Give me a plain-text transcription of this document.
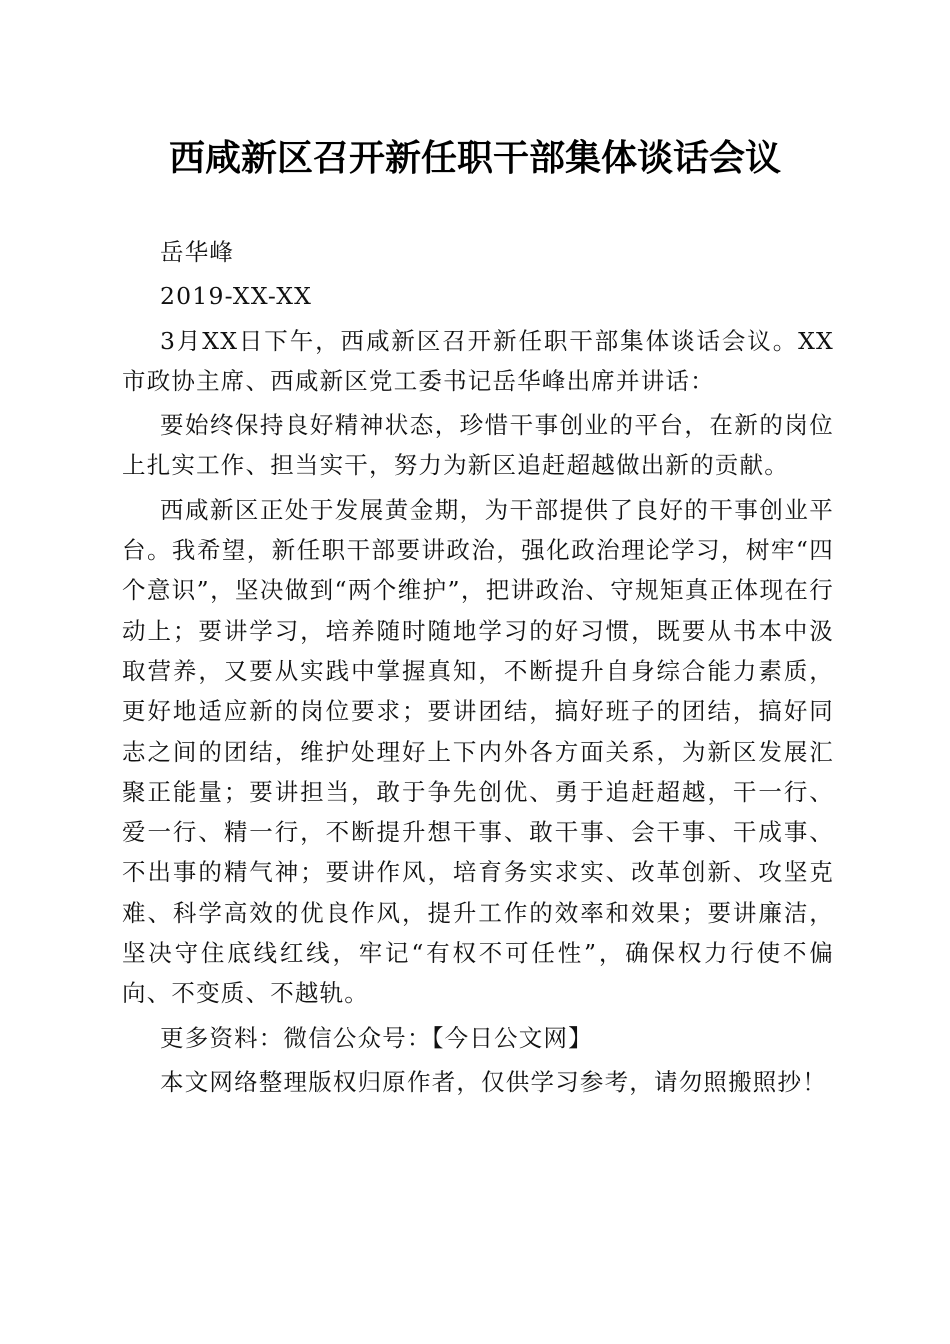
西咸新区召开新任职干部集体谈话会议

岳华峰

2019-XX-XX

3月XX日下午，西咸新区召开新任职干部集体谈话会议。XX市政协主席、西咸新区党工委书记岳华峰出席并讲话：

要始终保持良好精神状态，珍惜干事创业的平台，在新的岗位上扎实工作、担当实干，努力为新区追赶超越做出新的贡献。

西咸新区正处于发展黄金期，为干部提供了良好的干事创业平台。我希望，新任职干部要讲政治，强化政治理论学习，树牢“四个意识”，坚决做到“两个维护”，把讲政治、守规矩真正体现在行动上；要讲学习，培养随时随地学习的好习惯，既要从书本中汲取营养，又要从实践中掌握真知，不断提升自身综合能力素质，更好地适应新的岗位要求；要讲团结，搞好班子的团结，搞好同志之间的团结，维护处理好上下内外各方面关系，为新区发展汇聚正能量；要讲担当，敢于争先创优、勇于追赶超越，干一行、爱一行、精一行，不断提升想干事、敢干事、会干事、干成事、不出事的精气神；要讲作风，培育务实求实、改革创新、攻坚克难、科学高效的优良作风，提升工作的效率和效果；要讲廉洁，坚决守住底线红线，牢记“有权不可任性”，确保权力行使不偏向、不变质、不越轨。

更多资料：微信公众号：【今日公文网】

本文网络整理版权归原作者，仅供学习参考，请勿照搬照抄！
